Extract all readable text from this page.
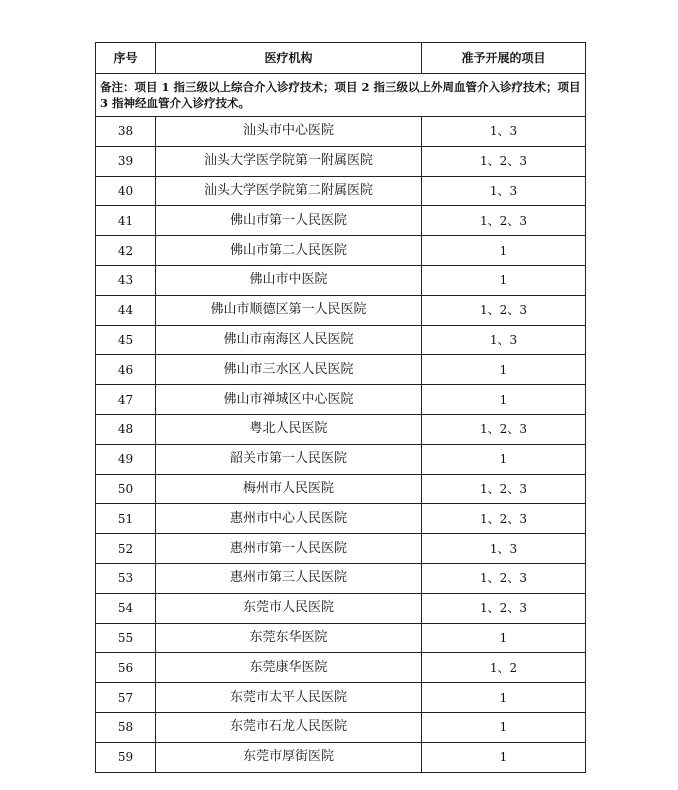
序号	医疗机构	准予开展的项目
备注：项目 1 指三级以上综合介入诊疗技术；项目 2 指三级以上外周血管介入诊疗技术；项目 3 指神经血管介入诊疗技术。		
38	汕头市中心医院	1、3
39	汕头大学医学院第一附属医院	1、2、3
40	汕头大学医学院第二附属医院	1、3
41	佛山市第一人民医院	1、2、3
42	佛山市第二人民医院	1
43	佛山市中医院	1
44	佛山市顺德区第一人民医院	1、2、3
45	佛山市南海区人民医院	1、3
46	佛山市三水区人民医院	1
47	佛山市禅城区中心医院	1
48	粤北人民医院	1、2、3
49	韶关市第一人民医院	1
50	梅州市人民医院	1、2、3
51	惠州市中心人民医院	1、2、3
52	惠州市第一人民医院	1、3
53	惠州市第三人民医院	1、2、3
54	东莞市人民医院	1、2、3
55	东莞东华医院	1
56	东莞康华医院	1、2
57	东莞市太平人民医院	1
58	东莞市石龙人民医院	1
59	东莞市厚街医院	1
